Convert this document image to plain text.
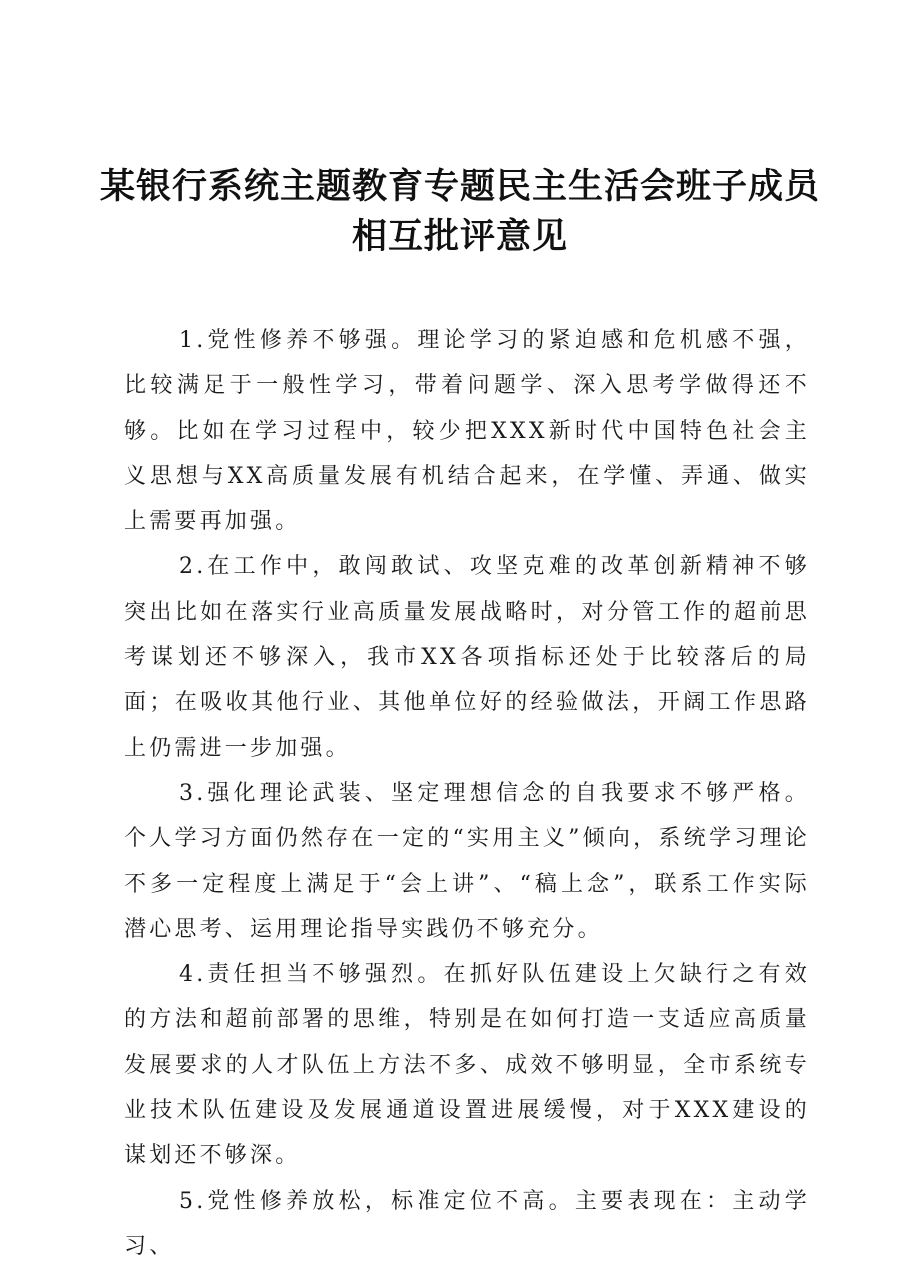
某银行系统主题教育专题民主生活会班子成员相互批评意见

1.党性修养不够强。理论学习的紧迫感和危机感不强，比较满足于一般性学习，带着问题学、深入思考学做得还不够。比如在学习过程中，较少把XXX新时代中国特色社会主义思想与XX高质量发展有机结合起来，在学懂、弄通、做实上需要再加强。

2.在工作中，敢闯敢试、攻坚克难的改革创新精神不够突出比如在落实行业高质量发展战略时，对分管工作的超前思考谋划还不够深入，我市XX各项指标还处于比较落后的局面；在吸收其他行业、其他单位好的经验做法，开阔工作思路上仍需进一步加强。

3.强化理论武装、坚定理想信念的自我要求不够严格。个人学习方面仍然存在一定的“实用主义”倾向，系统学习理论不多一定程度上满足于“会上讲”、“稿上念”，联系工作实际潜心思考、运用理论指导实践仍不够充分。

4.责任担当不够强烈。在抓好队伍建设上欠缺行之有效的方法和超前部署的思维，特别是在如何打造一支适应高质量发展要求的人才队伍上方法不多、成效不够明显，全市系统专业技术队伍建设及发展通道设置进展缓慢，对于XXX建设的谋划还不够深。

5.党性修养放松，标准定位不高。主要表现在：主动学习、
